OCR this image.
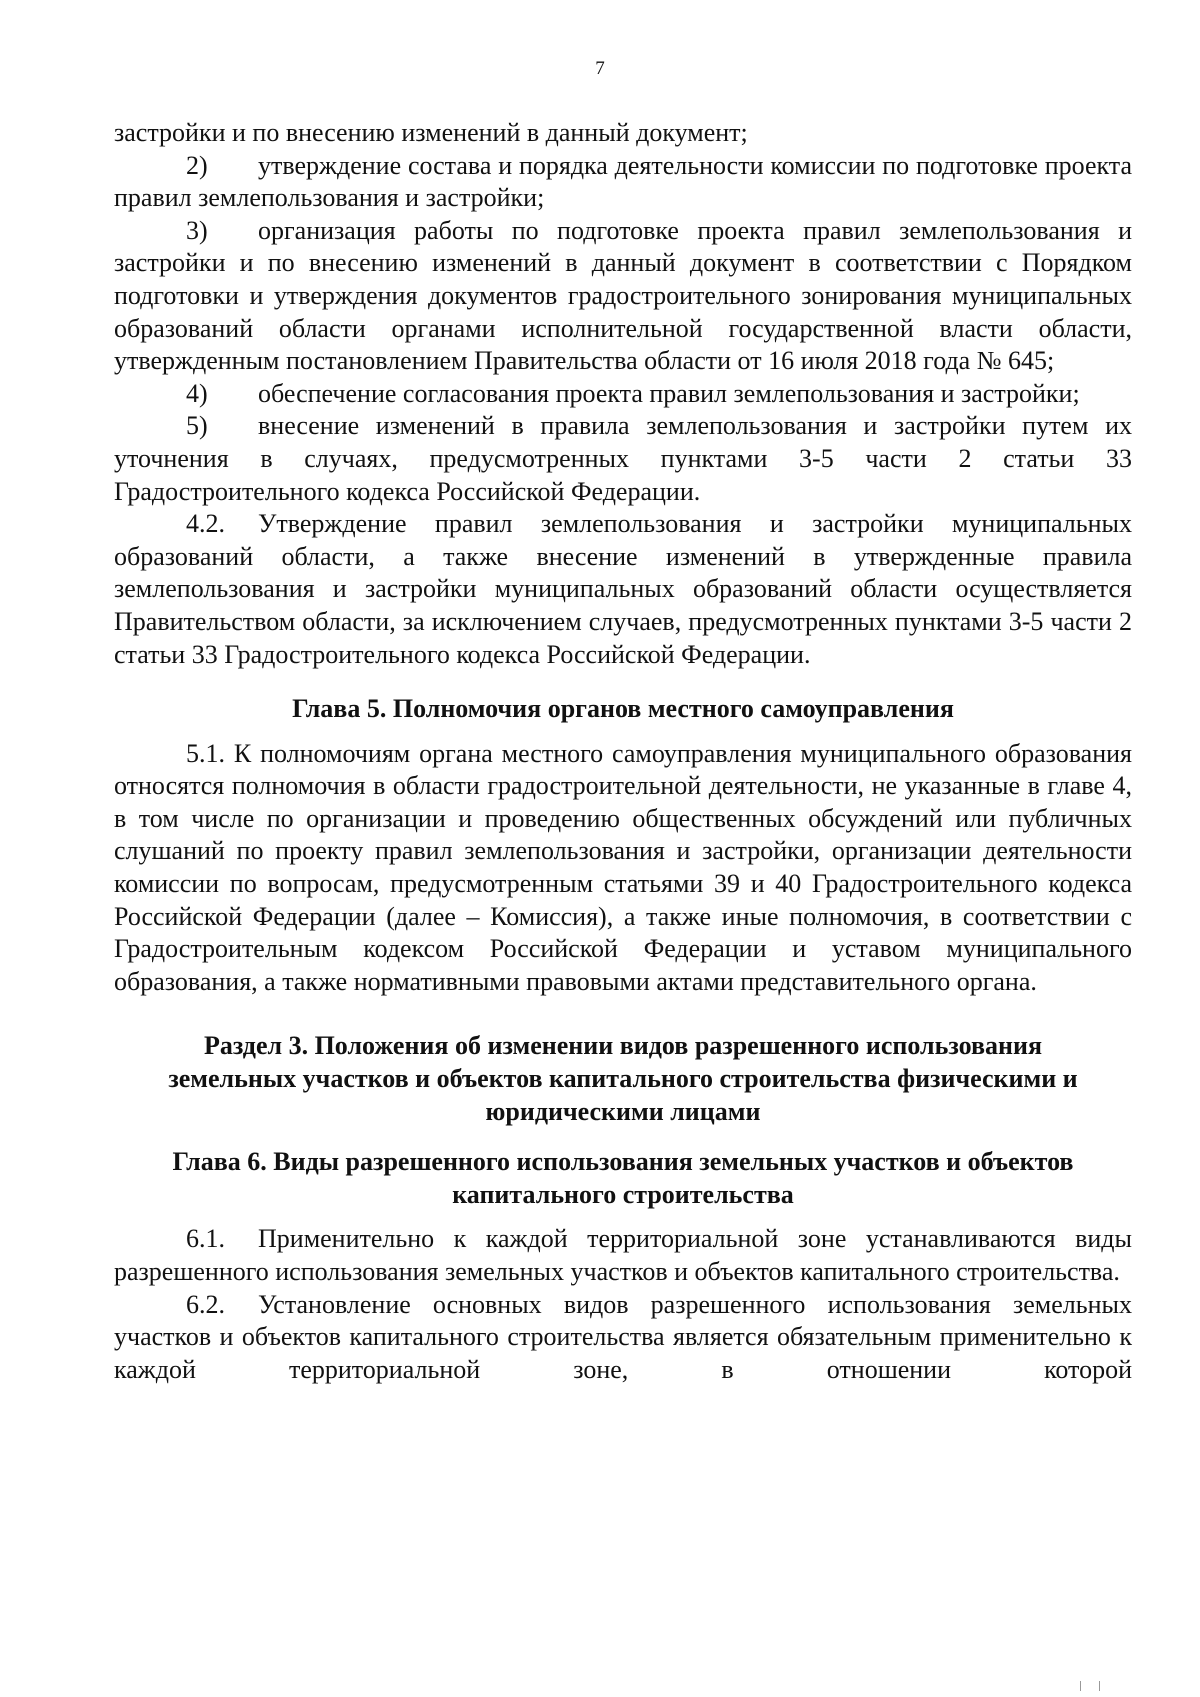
7

застройки и по внесению изменений в данный документ;

2) утверждение состава и порядка деятельности комиссии по подготовке проекта правил землепользования и застройки;

3) организация работы по подготовке проекта правил землепользования и застройки и по внесению изменений в данный документ в соответствии с Порядком подготовки и утверждения документов градостроительного зонирования муниципальных образований области органами исполнительной государственной власти области, утвержденным постановлением Правительства области от 16 июля 2018 года № 645;

4) обеспечение согласования проекта правил землепользования и застройки;

5) внесение изменений в правила землепользования и застройки путем их уточнения в случаях, предусмотренных пунктами 3-5 части 2 статьи 33 Градостроительного кодекса Российской Федерации.

4.2. Утверждение правил землепользования и застройки муниципальных образований области, а также внесение изменений в утвержденные правила землепользования и застройки муниципальных образований области осуществляется Правительством области, за исключением случаев, предусмотренных пунктами 3-5 части 2 статьи 33 Градостроительного кодекса Российской Федерации.

Глава 5. Полномочия органов местного самоуправления

5.1. К полномочиям органа местного самоуправления муниципального образования относятся полномочия в области градостроительной деятельности, не указанные в главе 4, в том числе по организации и проведению общественных обсуждений или публичных слушаний по проекту правил землепользования и застройки, организации деятельности комиссии по вопросам, предусмотренным статьями 39 и 40 Градостроительного кодекса Российской Федерации (далее – Комиссия), а также иные полномочия, в соответствии с Градостроительным кодексом Российской Федерации и уставом муниципального образования, а также нормативными правовыми актами представительного органа.

Раздел 3. Положения об изменении видов разрешенного использования
земельных участков и объектов капитального строительства физическими и
юридическими лицами
Глава 6. Виды разрешенного использования земельных участков и объектов
капитального строительства

6.1. Применительно к каждой территориальной зоне устанавливаются виды разрешенного использования земельных участков и объектов капитального строительства.

6.2. Установление основных видов разрешенного использования земельных участков и объектов капитального строительства является обязательным применительно к каждой территориальной зоне, в отношении которой
